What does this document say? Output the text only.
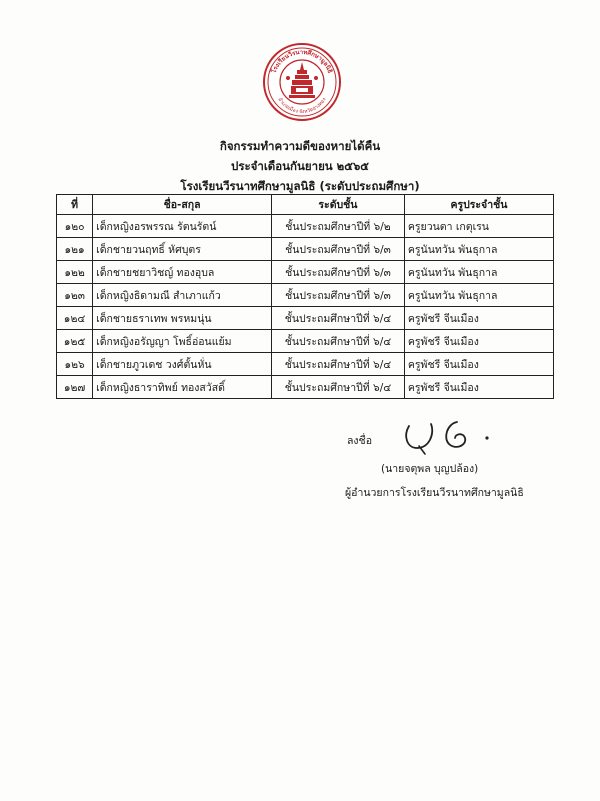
โรงเรียนวีรนาทศึกษามูลนิธิ
อำเภอเมือง จังหวัดอ่างทอง
กิจกรรมทำความดีของหายได้คืน
ประจำเดือนกันยายน ๒๕๖๕
โรงเรียนวีรนาทศึกษามูลนิธิ (ระดับประถมศึกษา)
ที่	ชื่อ-สกุล	ระดับชั้น	ครูประจำชั้น
๑๒๐	เด็กหญิงอรพรรณ รัตนรัตน์	ชั้นประถมศึกษาปีที่ ๖/๒	ครูยวนตา เกตุเรน
๑๒๑	เด็กชายวนฤทธิ์ หัศบุตร	ชั้นประถมศึกษาปีที่ ๖/๓	ครูนันทวัน พันธุกาล
๑๒๒	เด็กชายชยาวิชญ์ ทองอุบล	ชั้นประถมศึกษาปีที่ ๖/๓	ครูนันทวัน พันธุกาล
๑๒๓	เด็กหญิงธิดามณี สำเภาแก้ว	ชั้นประถมศึกษาปีที่ ๖/๓	ครูนันทวัน พันธุกาล
๑๒๔	เด็กชายธราเทพ พรหมนุ่น	ชั้นประถมศึกษาปีที่ ๖/๔	ครูพัชรี จีนเมือง
๑๒๕	เด็กหญิงอรัญญา โพธิ์อ่อนแย้ม	ชั้นประถมศึกษาปีที่ ๖/๔	ครูพัชรี จีนเมือง
๑๒๖	เด็กชายภูวเดช วงศ์ตั้นหั่น	ชั้นประถมศึกษาปีที่ ๖/๔	ครูพัชรี จีนเมือง
๑๒๗	เด็กหญิงธาราทิพย์ ทองสวัสดิ์	ชั้นประถมศึกษาปีที่ ๖/๔	ครูพัชรี จีนเมือง
ลงชื่อ
(นายจตุพล บุญปล้อง)
ผู้อำนวยการโรงเรียนวีรนาทศึกษามูลนิธิ
